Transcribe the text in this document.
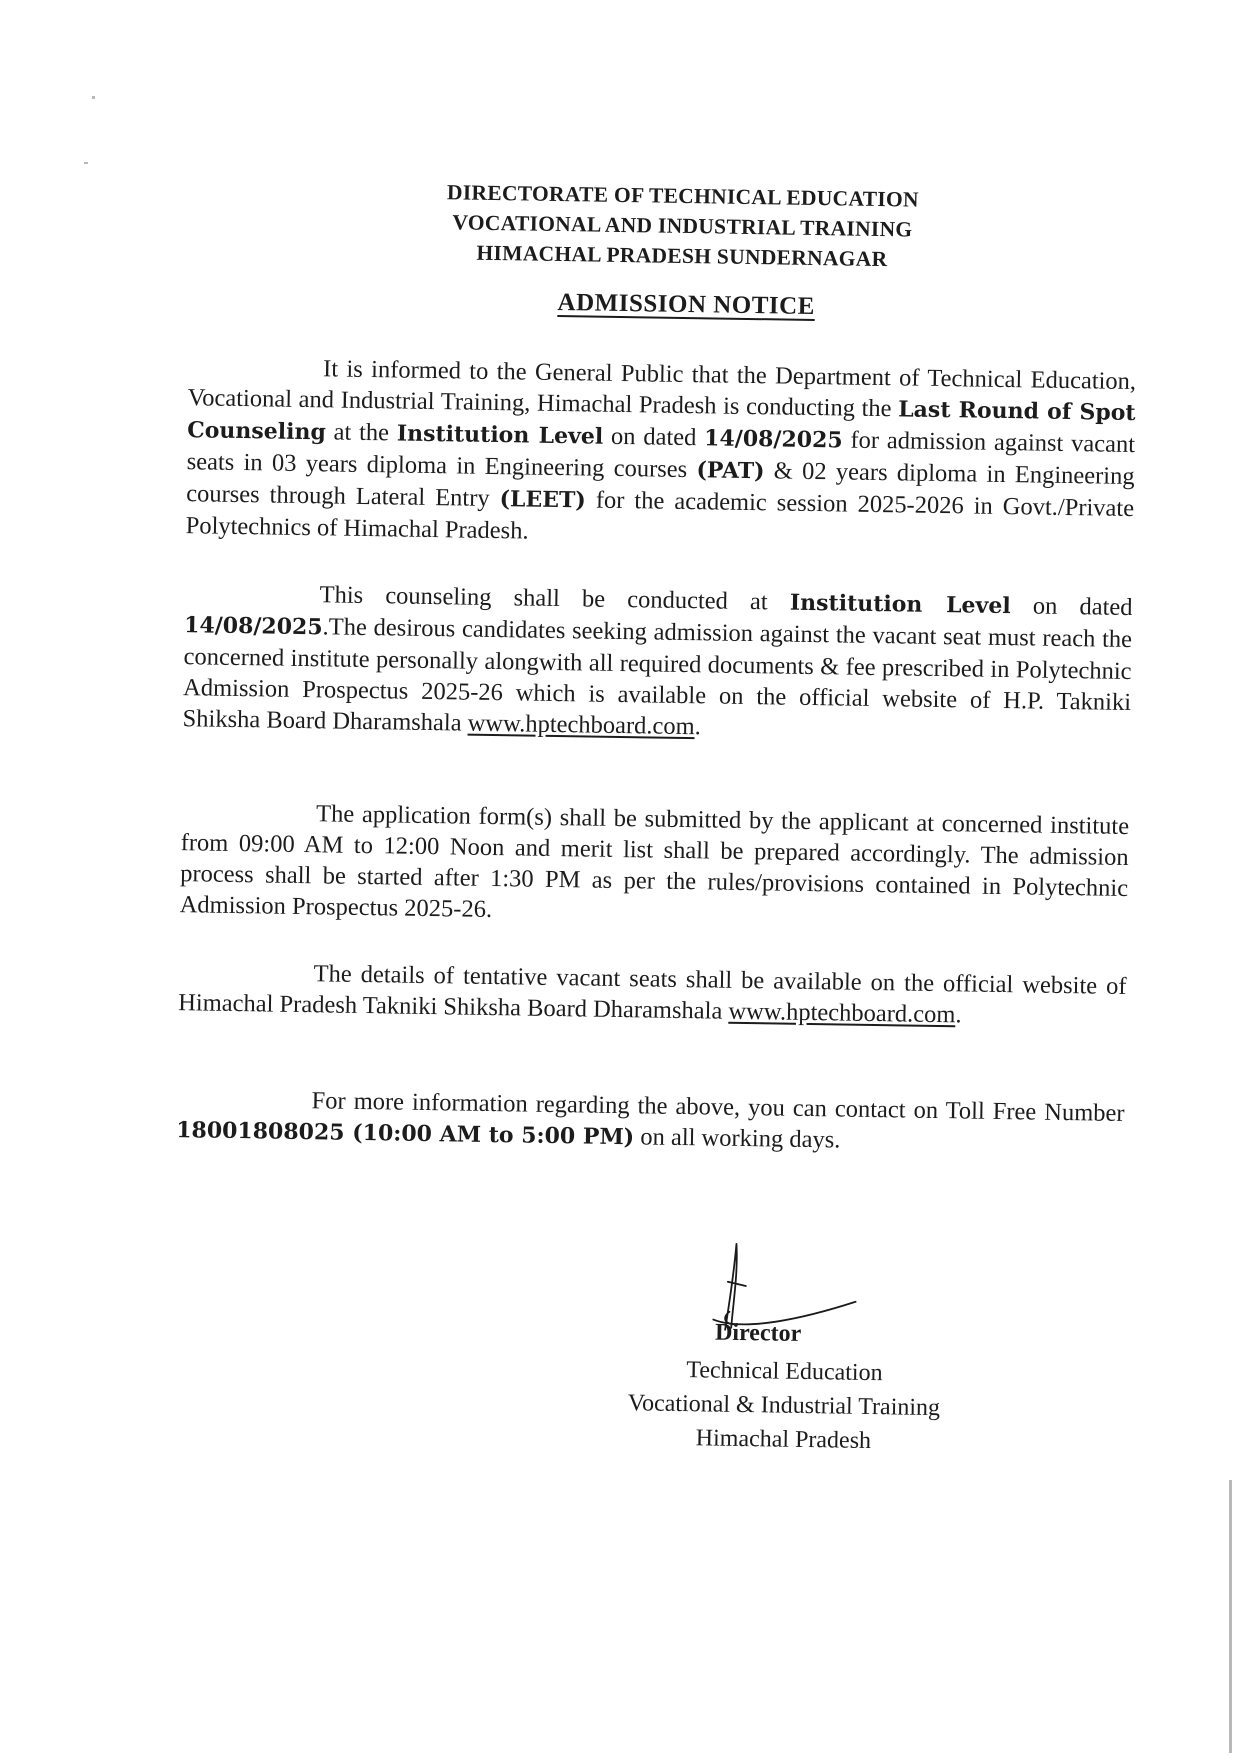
DIRECTORATE OF TECHNICAL EDUCATION
VOCATIONAL AND INDUSTRIAL TRAINING
HIMACHAL PRADESH SUNDERNAGAR
ADMISSION NOTICE
It is informed to the General Public that the Department of Technical Education, Vocational and Industrial Training, Himachal Pradesh is conducting the Last Round of Spot Counseling at the Institution Level on dated 14/08/2025 for admission against vacant seats in 03 years diploma in Engineering courses (PAT) & 02 years diploma in Engineering courses through Lateral Entry (LEET) for the academic session 2025-2026 in Govt./Private Polytechnics of Himachal Pradesh.
This counseling shall be conducted at Institution Level on dated 14/08/2025.The desirous candidates seeking admission against the vacant seat must reach the concerned institute personally alongwith all required documents & fee prescribed in Polytechnic Admission Prospectus 2025-26 which is available on the official website of H.P. Takniki Shiksha Board Dharamshala www.hptechboard.com.
The application form(s) shall be submitted by the applicant at concerned institute from 09:00 AM to 12:00 Noon and merit list shall be prepared accordingly. The admission process shall be started after 1:30 PM as per the rules/provisions contained in Polytechnic Admission Prospectus 2025-26.
The details of tentative vacant seats shall be available on the official website of Himachal Pradesh Takniki Shiksha Board Dharamshala www.hptechboard.com.
For more information regarding the above, you can contact on Toll Free Number 18001808025 (10:00 AM to 5:00 PM) on all working days.
Director
Technical Education
Vocational & Industrial Training
Himachal Pradesh
